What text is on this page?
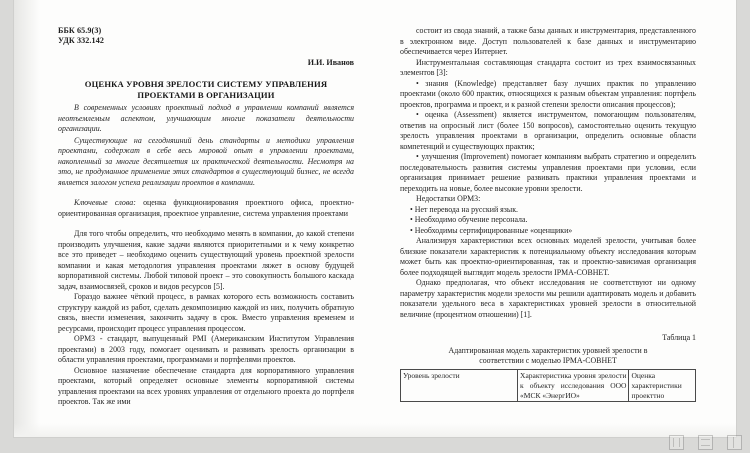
ББК 65.9(3)
УДК 332.142
И.И. Иванов
ОЦЕНКА УРОВНЯ ЗРЕЛОСТИ СИСТЕМУ УПРАВЛЕНИЯ
ПРОЕКТАМИ В ОРГАНИЗАЦИИ

В современных условиях проектный подход в управлении компаний является неотъемлемым аспектом, улучшающим многие показатели деятельности организации.

Существующие на сегодняшний день стандарты и методики управления проектами, содержат в себе весь мировой опыт в управлении проектами, накопленный за многие десятилетия их практической деятельности. Несмотря на это, не продуманное применение этих стандартов в существующий бизнес, не всегда является залогом успеха реализации проектов в компании.

Ключевые слова: оценка функционирования проектного офиса, проектно-ориентированная организация, проектное управление, система управления проектами

Для того чтобы определить, что необходимо менять в компании, до какой степени производить улучшения, какие задачи являются приоритетными и к чему конкретно все это приведет – необходимо оценить существующий уровень проектной зрелости компании и какая методология управления проектами ляжет в основу будущей корпоративной системы. Любой типовой проект – это совокупность большого каскада задач, взаимосвязей, сроков и видов ресурсов [5].

Гораздо важнее чёткий процесс, в рамках которого есть возможность составить структуру каждой из работ, сделать декомпозицию каждой из них, получить обратную связь, внести изменения, закончить задачу в срок. Вместо управления временем и ресурсами, происходит процесс управления процессом.

ОРМ3 - стандарт, выпущенный PMI (Американским Институтом Управления проектами) в 2003 году, помогает оценивать и развивать зрелость организации в области управления проектами, программами и портфелями проектов.

Основное назначение обеспечение стандарта для корпоративного управления проектами, который определяет основные элементы корпоративной системы управления проектами на всех уровнях управления от отдельного проекта до портфеля проектов. Так же ими

состоит из свода знаний, а также базы данных и инструментария, представленного в электронном виде. Доступ пользователей к базе данных и инструментарию обеспечивается через Интернет.

Инструментальная составляющая стандарта состоит из трех взаимосвязанных элементов [3]:

• знания (Knowledge) представляет базу лучших практик по управлению проектами (около 600 практик, относящихся к разным объектам управления: портфель проектов, программа и проект, и к разной степени зрелости описания процессов);

• оценка (Assessment) является инструментом, помогающим пользователям, ответив на опросный лист (более 150 вопросов), самостоятельно оценить текущую зрелость управления проектами в организации, определить основные области компетенций и существующих практик;

• улучшения (Improvement) помогает компаниям выбрать стратегию и определить последовательность развития системы управления проектами при условии, если организация принимает решение развивать практики управления проектами и переходить на новые, более высокие уровни зрелости.

Недостатки ОРМ3:

• Нет перевода на русский язык.

• Необходимо обучение персонала.

• Необходимы сертифицированные «оценщики»

Анализируя характеристики всех основных моделей зрелости, учитывая более близкие показатели характеристик к потенциальному объекту исследования которым может быть как проектно-ориентированная, так и проектно-зависимая организация более подходящей выглядит модель зрелости IPMA-СОВНЕТ.

Однако предполагая, что объект исследования не соответствуют ни одному параметру характеристик модели зрелости мы решили адаптировать модель и добавить показатели удельного веса в характеристиках уровней зрелости в относительной величине (процентном отношении) [1].

Таблица 1
Адаптированная модель характеристик уровней зрелости в
соответствии с моделью IPMA-СОВНЕТ
Уровень зрелости	Характеристика уровня зрелости к объекту исследования ООО «МСК «ЭнергИО»	Оценка характеристики проекттно
